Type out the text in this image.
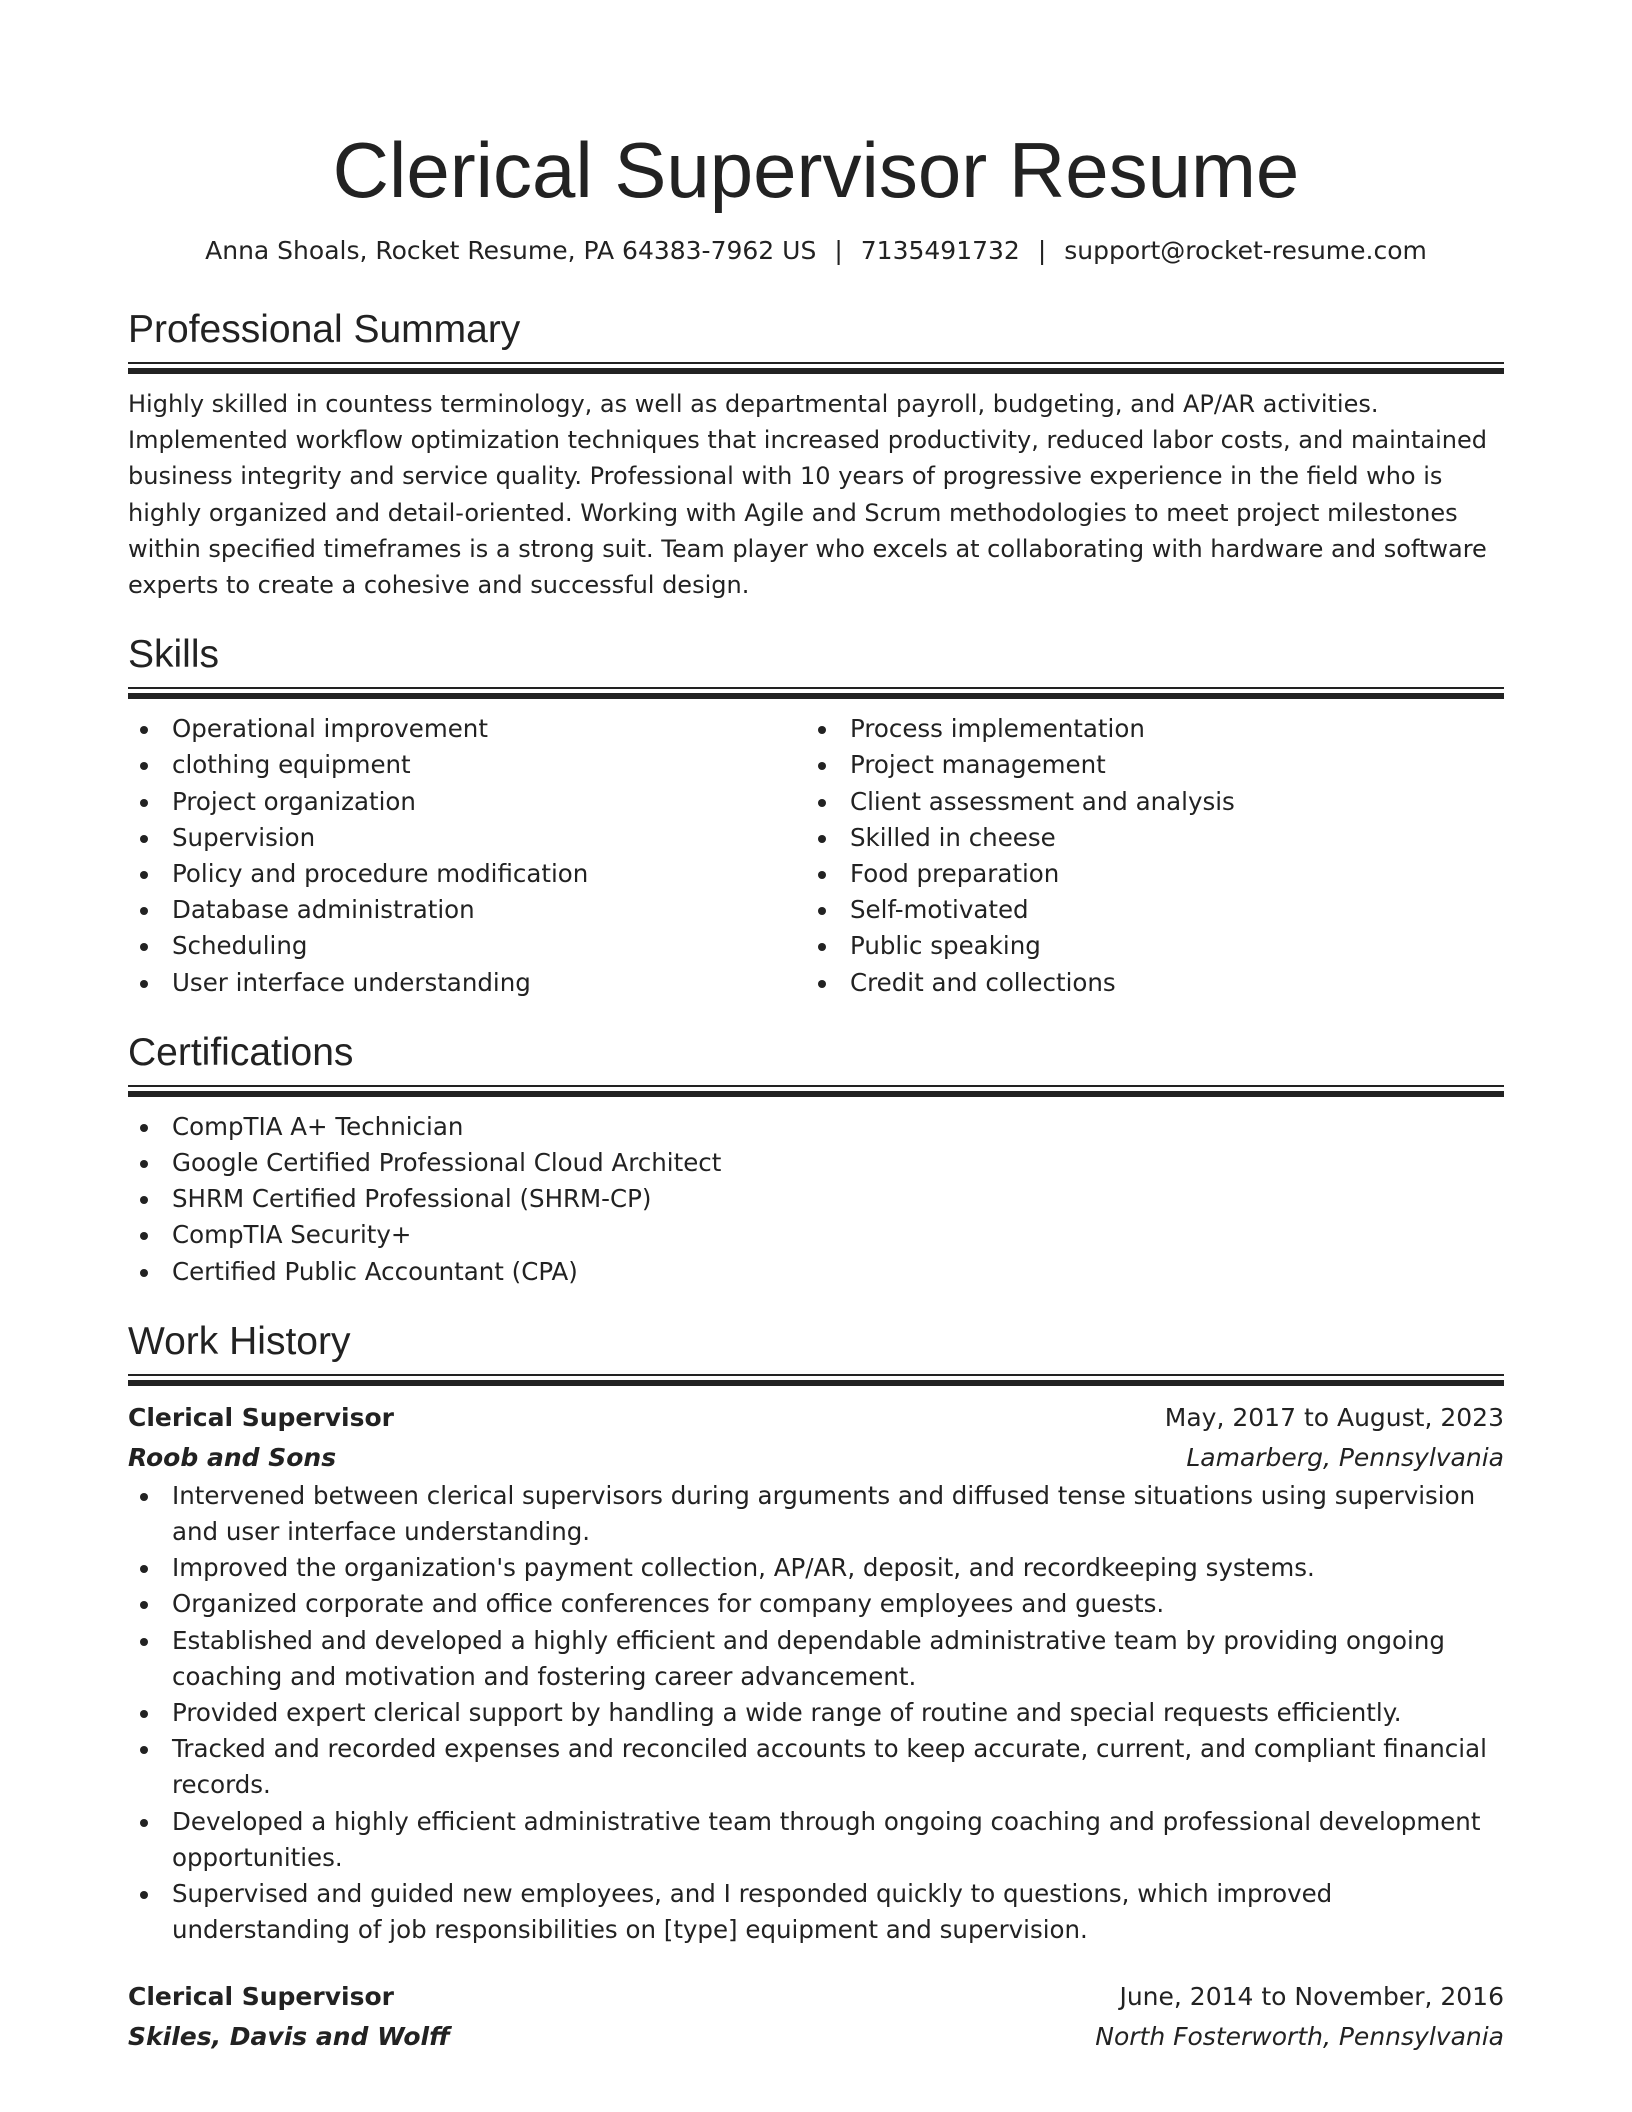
Clerical Supervisor Resume
Anna Shoals, Rocket Resume, PA 64383-7962 US | 7135491732 | support@rocket-resume.com
Professional Summary

Highly skilled in countess terminology, as well as departmental payroll, budgeting, and AP/AR activities. Implemented workflow optimization techniques that increased productivity, reduced labor costs, and maintained business integrity and service quality. Professional with 10 years of progressive experience in the field who is highly organized and detail-oriented. Working with Agile and Scrum methodologies to meet project milestones within specified timeframes is a strong suit. Team player who excels at collaborating with hardware and software experts to create a cohesive and successful design.

Skills
Operational improvement
clothing equipment
Project organization
Supervision
Policy and procedure modification
Database administration
Scheduling
User interface understanding
Process implementation
Project management
Client assessment and analysis
Skilled in cheese
Food preparation
Self-motivated
Public speaking
Credit and collections
Certifications
CompTIA A+ Technician
Google Certified Professional Cloud Architect
SHRM Certified Professional (SHRM-CP)
CompTIA Security+
Certified Public Accountant (CPA)
Work History
Clerical Supervisor	May, 2017 to August, 2023
Roob and Sons	Lamarberg, Pennsylvania
Intervened between clerical supervisors during arguments and diffused tense situations using supervision and user interface understanding.
Improved the organization's payment collection, AP/AR, deposit, and recordkeeping systems.
Organized corporate and office conferences for company employees and guests.
Established and developed a highly efficient and dependable administrative team by providing ongoing coaching and motivation and fostering career advancement.
Provided expert clerical support by handling a wide range of routine and special requests efficiently.
Tracked and recorded expenses and reconciled accounts to keep accurate, current, and compliant financial records.
Developed a highly efficient administrative team through ongoing coaching and professional development opportunities.
Supervised and guided new employees, and I responded quickly to questions, which improved understanding of job responsibilities on [type] equipment and supervision.
Clerical Supervisor	June, 2014 to November, 2016
Skiles, Davis and Wolff	North Fosterworth, Pennsylvania
